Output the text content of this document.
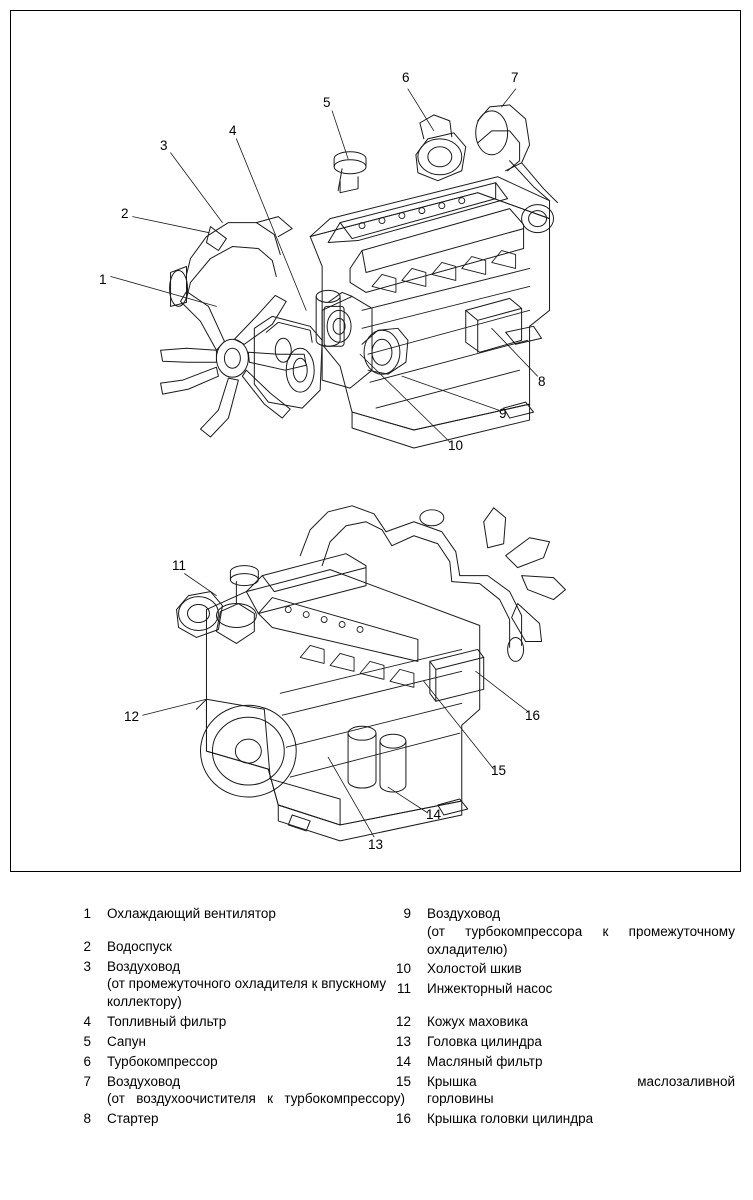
1
2
3
4
5
6	7
8
9
10
11
12
13
14
15
16
1 Охлаждающий вентилятор
2 Водоспуск
3 Воздуховод
(от промежуточного охладителя к впускному коллектору)
4 Топливный фильтр
5 Сапун
6 Турбокомпрессор
7 Воздуховод
(от воздухоочистителя к турбокомпрессору)
8 Стартер
9 Воздуховод
(от турбокомпрессора к промежуточному охладителю)
10 Холостой шкив
11 Инжекторный насос
12 Кожух маховика
13 Головка цилиндра
14 Масляный фильтр
Крышка маслозаливной
15
горловины
16 Крышка головки цилиндра
